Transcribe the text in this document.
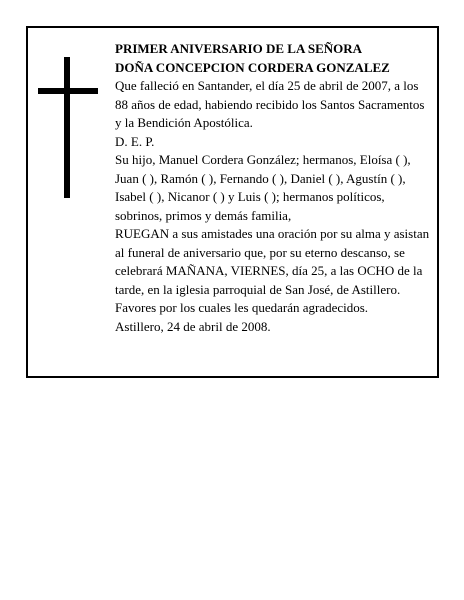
PRIMER ANIVERSARIO DE LA SEÑORA

DOÑA CONCEPCION CORDERA GONZALEZ

Que falleció en Santander, el día 25 de abril de 2007, a los 88 años de edad, habiendo recibido los Santos Sacramentos y la Bendición Apostólica.

D. E. P.

Su hijo, Manuel Cordera González; hermanos, Eloísa ( ), Juan ( ), Ramón ( ), Fernando ( ), Daniel ( ), Agustín ( ), Isabel ( ), Nicanor ( ) y Luis ( ); hermanos políticos, sobrinos, primos y demás familia,

RUEGAN a sus amistades una oración por su alma y asistan al funeral de aniversario que, por su eterno descanso, se celebrará MAÑANA, VIERNES, día 25, a las OCHO de la tarde, en la iglesia parroquial de San José, de Astillero. Favores por los cuales les quedarán agradecidos.

Astillero, 24 de abril de 2008.
